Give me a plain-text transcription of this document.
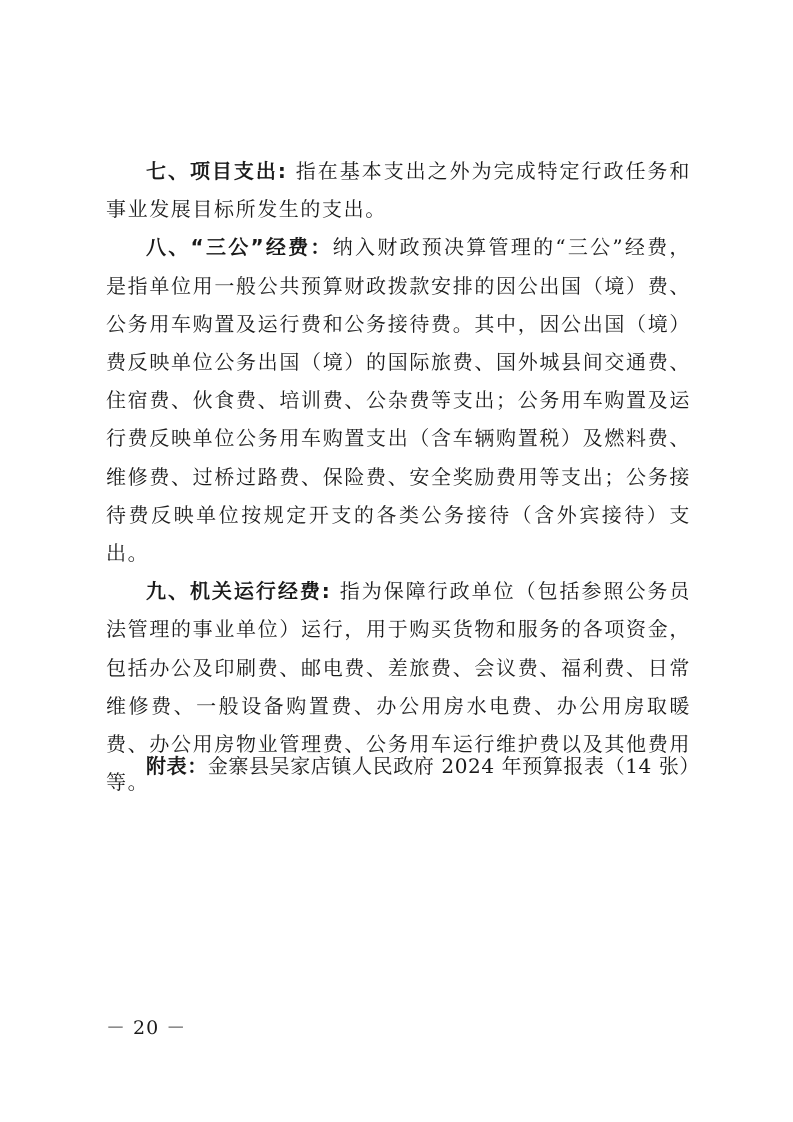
七、项目支出: 指在基本支出之外为完成特定行政任务和事业发展目标所发生的支出。

八、“三公”经费：纳入财政预决算管理的“三公”经费，是指单位用一般公共预算财政拨款安排的因公出国（境）费、公务用车购置及运行费和公务接待费。其中，因公出国（境）费反映单位公务出国（境）的国际旅费、国外城县间交通费、住宿费、伙食费、培训费、公杂费等支出；公务用车购置及运行费反映单位公务用车购置支出（含车辆购置税）及燃料费、维修费、过桥过路费、保险费、安全奖励费用等支出；公务接待费反映单位按规定开支的各类公务接待（含外宾接待）支出。

九、机关运行经费: 指为保障行政单位（包括参照公务员法管理的事业单位）运行，用于购买货物和服务的各项资金，包括办公及印刷费、邮电费、差旅费、会议费、福利费、日常维修费、一般设备购置费、办公用房水电费、办公用房取暖费、办公用房物业管理费、公务用车运行维护费以及其他费用等。

附表：金寨县吴家店镇人民政府 2024 年预算报表（14 张）

－ 20 －
